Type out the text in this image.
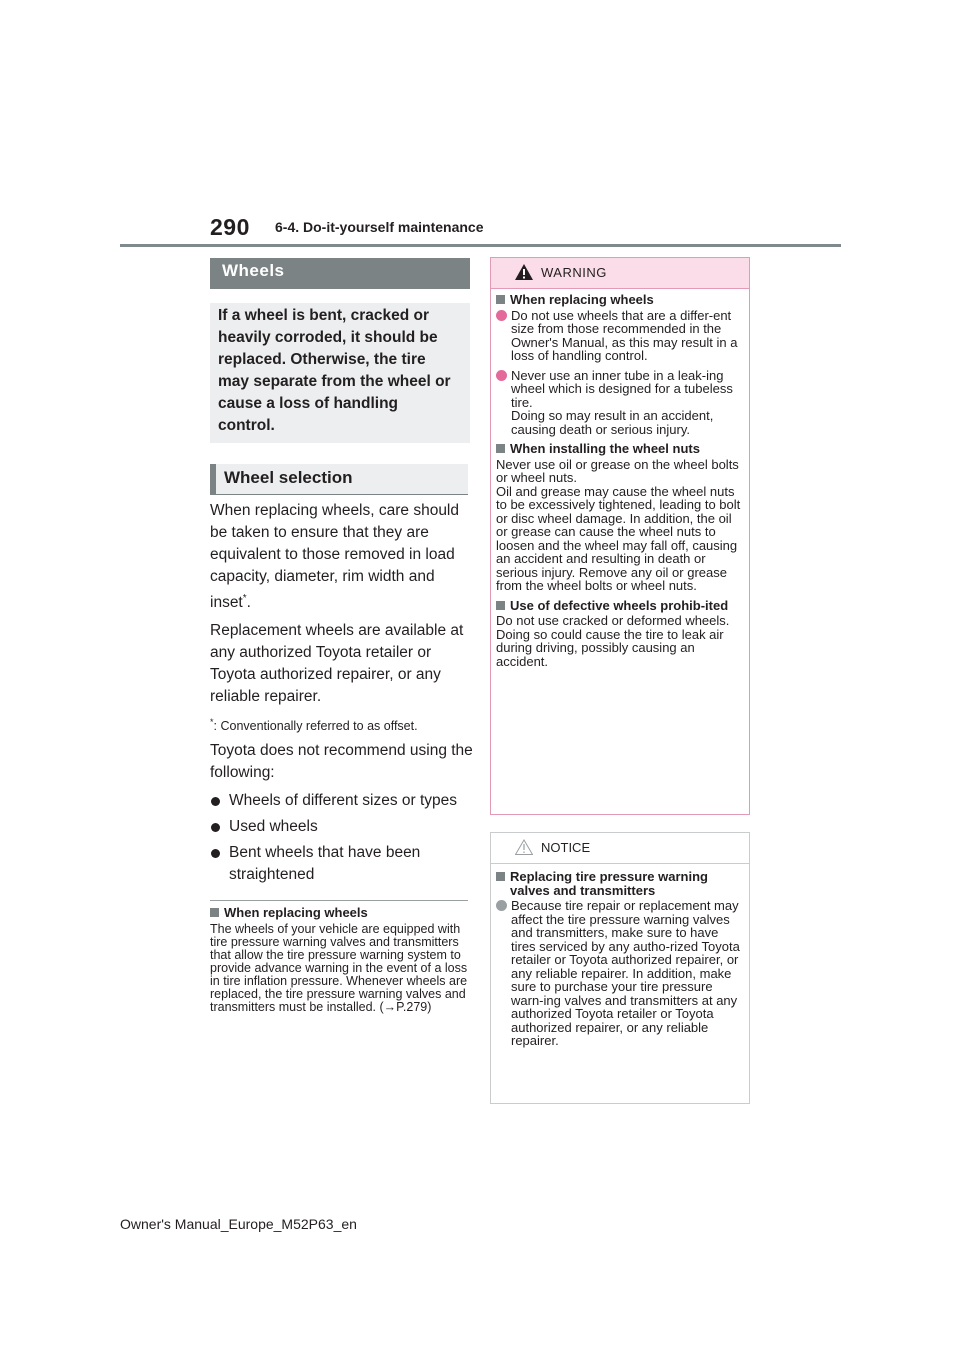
290 6-4. Do-it-yourself maintenance
Wheels

If a wheel is bent, cracked or heavily corroded, it should be replaced. Otherwise, the tire may separate from the wheel or cause a loss of handling control.

Wheel selection

When replacing wheels, care should be taken to ensure that they are equivalent to those removed in load capacity, diameter, rim width and inset*.

Replacement wheels are available at any authorized Toyota retailer or Toyota authorized repairer, or any reliable repairer.

*: Conventionally referred to as offset.

Toyota does not recommend using the following:

Wheels of different sizes or types
Used wheels
Bent wheels that have been straightened
When replacing wheels
The wheels of your vehicle are equipped with tire pressure warning valves and transmitters that allow the tire pressure warning system to provide advance warning in the event of a loss in tire inflation pressure. Whenever wheels are replaced, the tire pressure warning valves and transmitters must be installed. (→P.279)
WARNING
When replacing wheels
Do not use wheels that are a differ-ent size from those recommended in the Owner's Manual, as this may result in a loss of handling control.
Never use an inner tube in a leak-ing wheel which is designed for a tubeless tire.
Doing so may result in an accident, causing death or serious injury.
When installing the wheel nuts

Never use oil or grease on the wheel bolts or wheel nuts.
Oil and grease may cause the wheel nuts to be excessively tightened, leading to bolt or disc wheel damage. In addition, the oil or grease can cause the wheel nuts to loosen and the wheel may fall off, causing an accident and resulting in death or serious injury. Remove any oil or grease from the wheel bolts or wheel nuts.

Use of defective wheels prohib-ited

Do not use cracked or deformed wheels. Doing so could cause the tire to leak air during driving, possibly causing an accident.

NOTICE
Replacing tire pressure warning valves and transmitters
Because tire repair or replacement may affect the tire pressure warning valves and transmitters, make sure to have tires serviced by any autho-rized Toyota retailer or Toyota authorized repairer, or any reliable repairer. In addition, make sure to purchase your tire pressure warn-ing valves and transmitters at any authorized Toyota retailer or Toyota authorized repairer, or any reliable repairer.
Owner's Manual_Europe_M52P63_en
